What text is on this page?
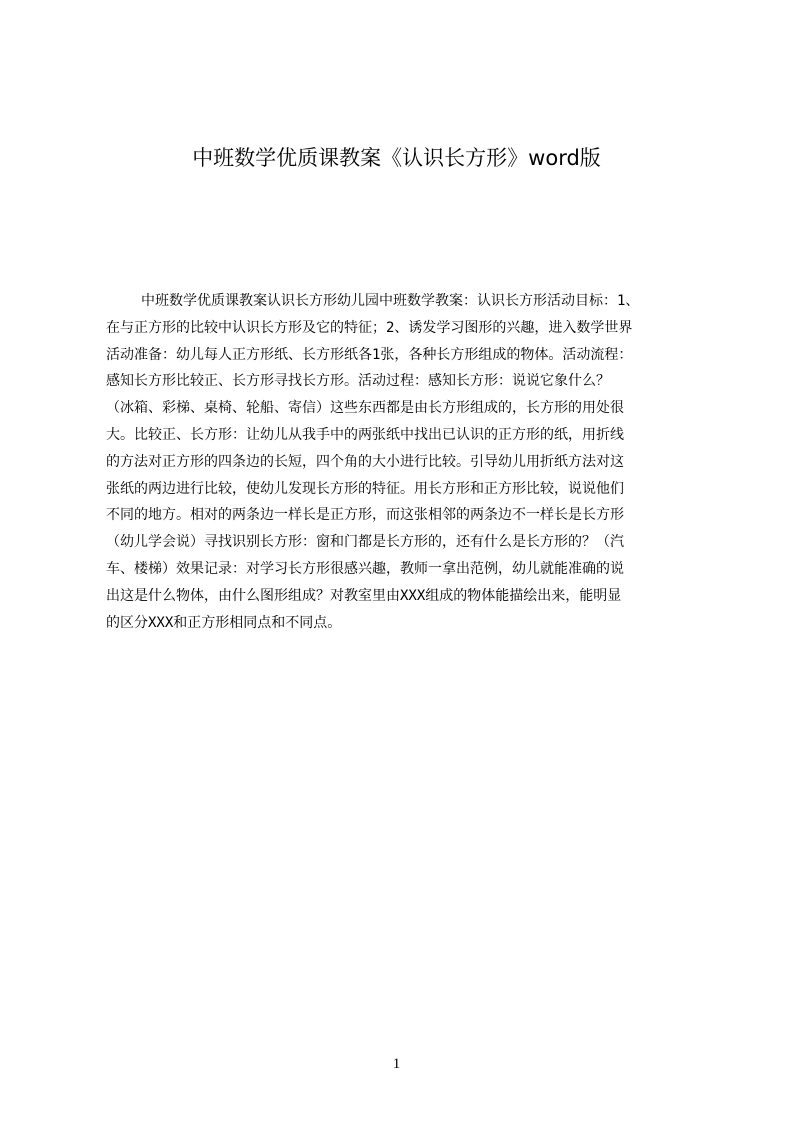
中班数学优质课教案《认识长方形》word版
中班数学优质课教案认识长方形幼儿园中班数学教案：认识长方形活动目标：1、
在与正方形的比较中认识长方形及它的特征；2、诱发学习图形的兴趣，进入数学世界
活动准备：幼儿每人正方形纸、长方形纸各1张，各种长方形组成的物体。活动流程：
感知长方形比较正、长方形寻找长方形。活动过程：感知长方形：说说它象什么？
（冰箱、彩梯、桌椅、轮船、寄信）这些东西都是由长方形组成的，长方形的用处很
大。比较正、长方形：让幼儿从我手中的两张纸中找出已认识的正方形的纸，用折线
的方法对正方形的四条边的长短，四个角的大小进行比较。引导幼儿用折纸方法对这
张纸的两边进行比较，使幼儿发现长方形的特征。用长方形和正方形比较，说说他们
不同的地方。相对的两条边一样长是正方形，而这张相邻的两条边不一样长是长方形
（幼儿学会说）寻找识别长方形：窗和门都是长方形的，还有什么是长方形的？（汽
车、楼梯）效果记录：对学习长方形很感兴趣，教师一拿出范例，幼儿就能准确的说
出这是什么物体，由什么图形组成？对教室里由XXX组成的物体能描绘出来，能明显
的区分XXX和正方形相同点和不同点。
1
